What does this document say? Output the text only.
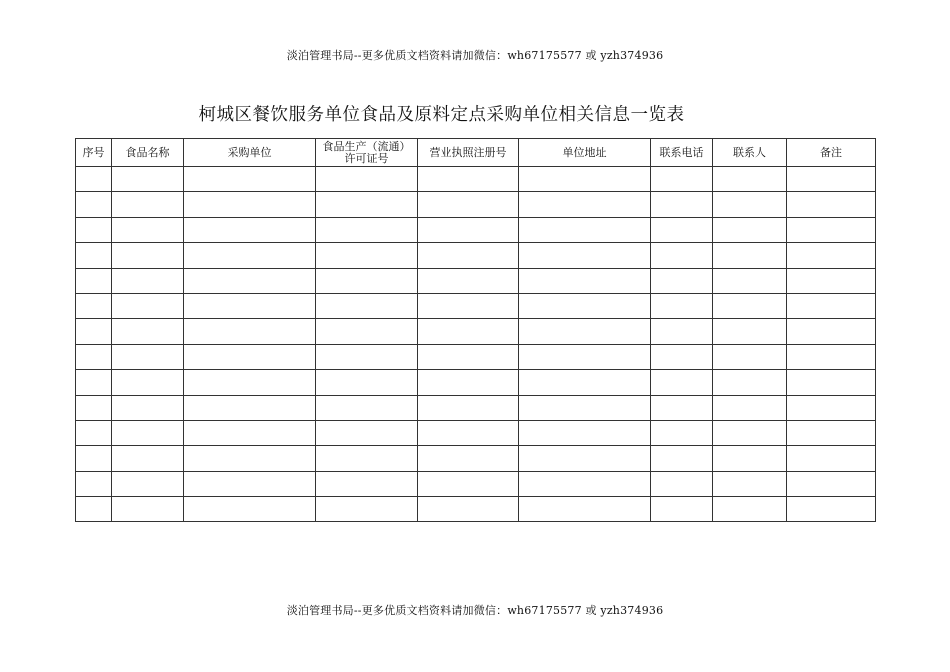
淡泊管理书局--更多优质文档资料请加微信：wh67175577 或 yzh374936
柯城区餐饮服务单位食品及原料定点采购单位相关信息一览表
序号	食品名称	采购单位	食品生产（流通）许可证号	营业执照注册号	单位地址	联系电话	联系人	备注

淡泊管理书局--更多优质文档资料请加微信：wh67175577 或 yzh374936
